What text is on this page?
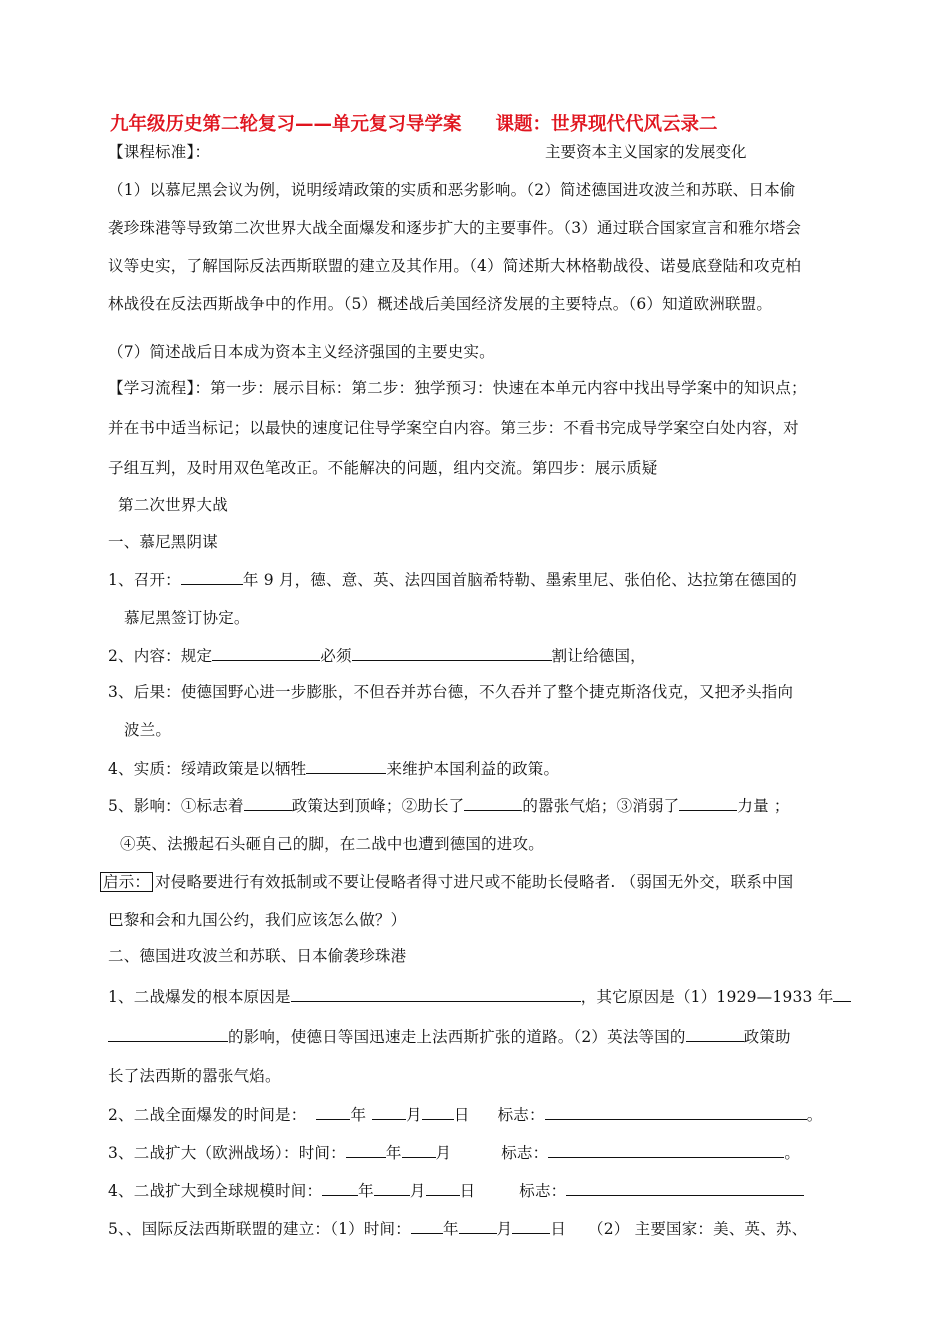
九年级历史第二轮复习——单元复习导学案 课题：世界现代代风云录二
【课程标准】：	主要资本主义国家的发展变化
（1）以慕尼黑会议为例，说明绥靖政策的实质和恶劣影响。（2）简述德国进攻波兰和苏联、日本偷
袭珍珠港等导致第二次世界大战全面爆发和逐步扩大的主要事件。（3）通过联合国家宣言和雅尔塔会
议等史实，了解国际反法西斯联盟的建立及其作用。（4）简述斯大林格勒战役、诺曼底登陆和攻克柏
林战役在反法西斯战争中的作用。（5）概述战后美国经济发展的主要特点。（6）知道欧洲联盟。
（7）简述战后日本成为资本主义经济强国的主要史实。
【学习流程】：第一步：展示目标：第二步：独学预习：快速在本单元内容中找出导学案中的知识点；
并在书中适当标记；以最快的速度记住导学案空白内容。第三步：不看书完成导学案空白处内容，对
子组互判，及时用双色笔改正。不能解决的问题，组内交流。第四步：展示质疑
第二次世界大战
一、慕尼黑阴谋
1、召开：	年 9 月，德、意、英、法四国首脑希特勒、墨索里尼、张伯伦、达拉第在德国的
慕尼黑签订协定。
2、内容：规定	必须	割让给德国，
3、后果：使德国野心进一步膨胀，不但吞并苏台德，不久吞并了整个捷克斯洛伐克，又把矛头指向
波兰。
4、实质：绥靖政策是以牺牲	来维护本国利益的政策。
5、影响：①标志着	政策达到顶峰；②助长了	的嚣张气焰；③消弱了	力量 ；
④英、法搬起石头砸自己的脚，在二战中也遭到德国的进攻。
启示： 对侵略要进行有效抵制或不要让侵略者得寸进尺或不能助长侵略者. （弱国无外交，联系中国
巴黎和会和九国公约，我们应该怎么做？）
二、德国进攻波兰和苏联、日本偷袭珍珠港
1、二战爆发的根本原因是	，其它原因是（1）1929—1933 年
的影响，使德日等国迅速走上法西斯扩张的道路。（2）英法等国的	政策助
长了法西斯的嚣张气焰。
2、二战全面爆发的时间是：	年	月 日 标志：	。
3、二战扩大（欧洲战场）：时间：	年 月	标志：	。
4、二战扩大到全球规模时间： 年 月 日	标志：
5、、国际反法西斯联盟的建立：（1）时间： 年 月 日 （2） 主要国家：美、英、苏、
